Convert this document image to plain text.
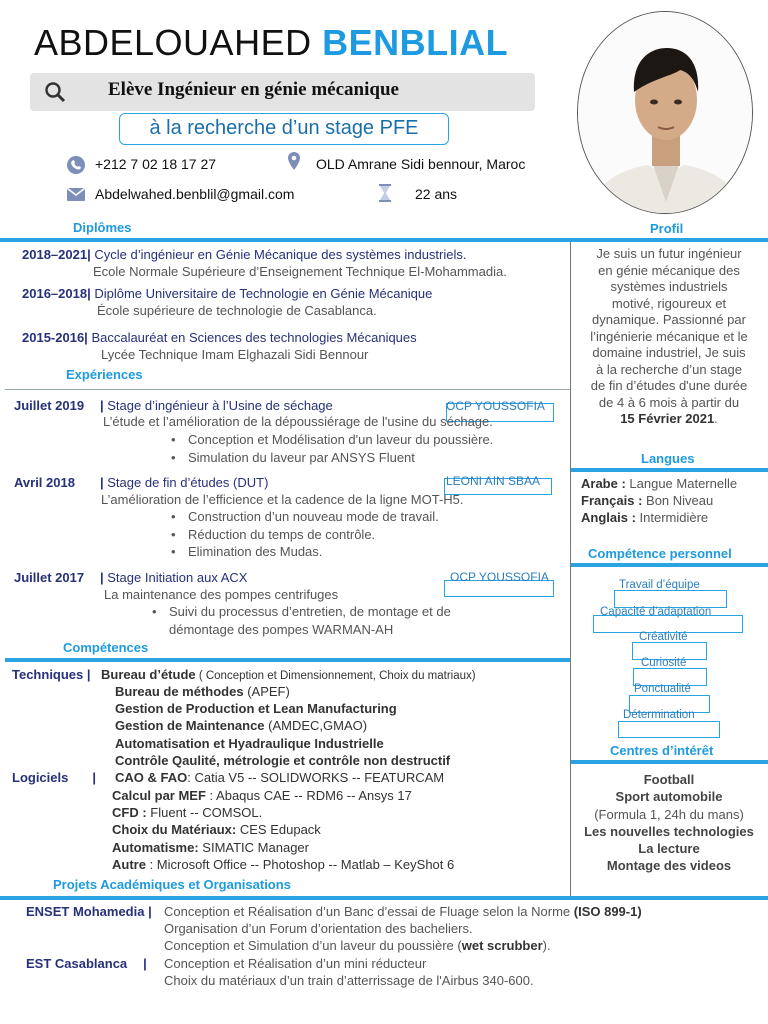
ABDELOUAHED BENBLIAL
Elève Ingénieur en génie mécanique
à la recherche d’un stage PFE
+212 7 02 18 17 27	OLD Amrane Sidi bennour, Maroc
Abdelwahed.benblil@gmail.com	22 ans
Diplômes
2018–2021| Cycle d’ingénieur en Génie Mécanique des systèmes industriels.
Ecole Normale Supérieure d’Enseignement Technique El-Mohammadia.
2016–2018| Diplôme Universitaire de Technologie en Génie Mécanique
École supérieure de technologie de Casablanca.
2015-2016| Baccalauréat en Sciences des technologies Mécaniques
Lycée Technique Imam Elghazali Sidi Bennour
Expériences
Juillet 2019 | Stage d’ingénieur à l’Usine de séchage	OCP YOUSSOFIA
L’étude et l’amélioration de la dépoussiérage de l'usine du séchage.
• Conception et Modélisation d'un laveur du poussière.
• Simulation du laveur par ANSYS Fluent
Avril 2018 | Stage de fin d’études (DUT)	LEONI AIN SBAA
L’amélioration de l’efficience et la cadence de la ligne MOT-H5.
• Construction d’un nouveau mode de travail.
• Réduction du temps de contrôle.
• Elimination des Mudas.
Juillet 2017 | Stage Initiation aux ACX	OCP YOUSSOFIA
La maintenance des pompes centrifuges
• Suivi du processus d’entretien, de montage et de
démontage des pompes WARMAN-AH
Compétences
Techniques | Bureau d’étude ( Conception et Dimensionnement, Choix du matriaux)
Bureau de méthodes (APEF)
Gestion de Production et Lean Manufacturing
Gestion de Maintenance (AMDEC,GMAO)
Automatisation et Hyadraulique Industrielle
Contrôle Qaulité, métrologie et contrôle non destructif
Logiciels | CAO & FAO: Catia V5 -- SOLIDWORKS -- FEATURCAM
Calcul par MEF : Abaqus CAE -- RDM6 -- Ansys 17
CFD : Fluent -- COMSOL.
Choix du Matériaux: CES Edupack
Automatisme: SIMATIC Manager
Autre : Microsoft Office -- Photoshop -- Matlab – KeyShot 6
Projets Académiques et Organisations
ENSET Mohamedia | Conception et Réalisation d’un Banc d’essai de Fluage selon la Norme (ISO 899-1)
Organisation d’un Forum d’orientation des bacheliers.
Conception et Simulation d’un laveur du poussière (wet scrubber).
EST Casablanca | Conception et Réalisation d’un mini réducteur
Choix du matériaux d’un train d’atterrissage de l'Airbus 340-600.
Profil
Je suis un futur ingénieur
en génie mécanique des
systèmes industriels
motivé, rigoureux et
dynamique. Passionné par
l’ingénierie mécanique et le
domaine industriel, Je suis
à la recherche d’un stage
de fin d’études d'une durée
de 4 à 6 mois à partir du
15 Février 2021.
Langues
Arabe : Langue Maternelle
Français : Bon Niveau
Anglais : Intermidière
Compétence personnel
Travail d’équipe
Capacité d’adaptation
Créativité
Curiosité
Ponctualité
Détermination
Centres d’intérêt
Football
Sport automobile
(Formula 1, 24h du mans)
Les nouvelles technologies
La lecture
Montage des videos
